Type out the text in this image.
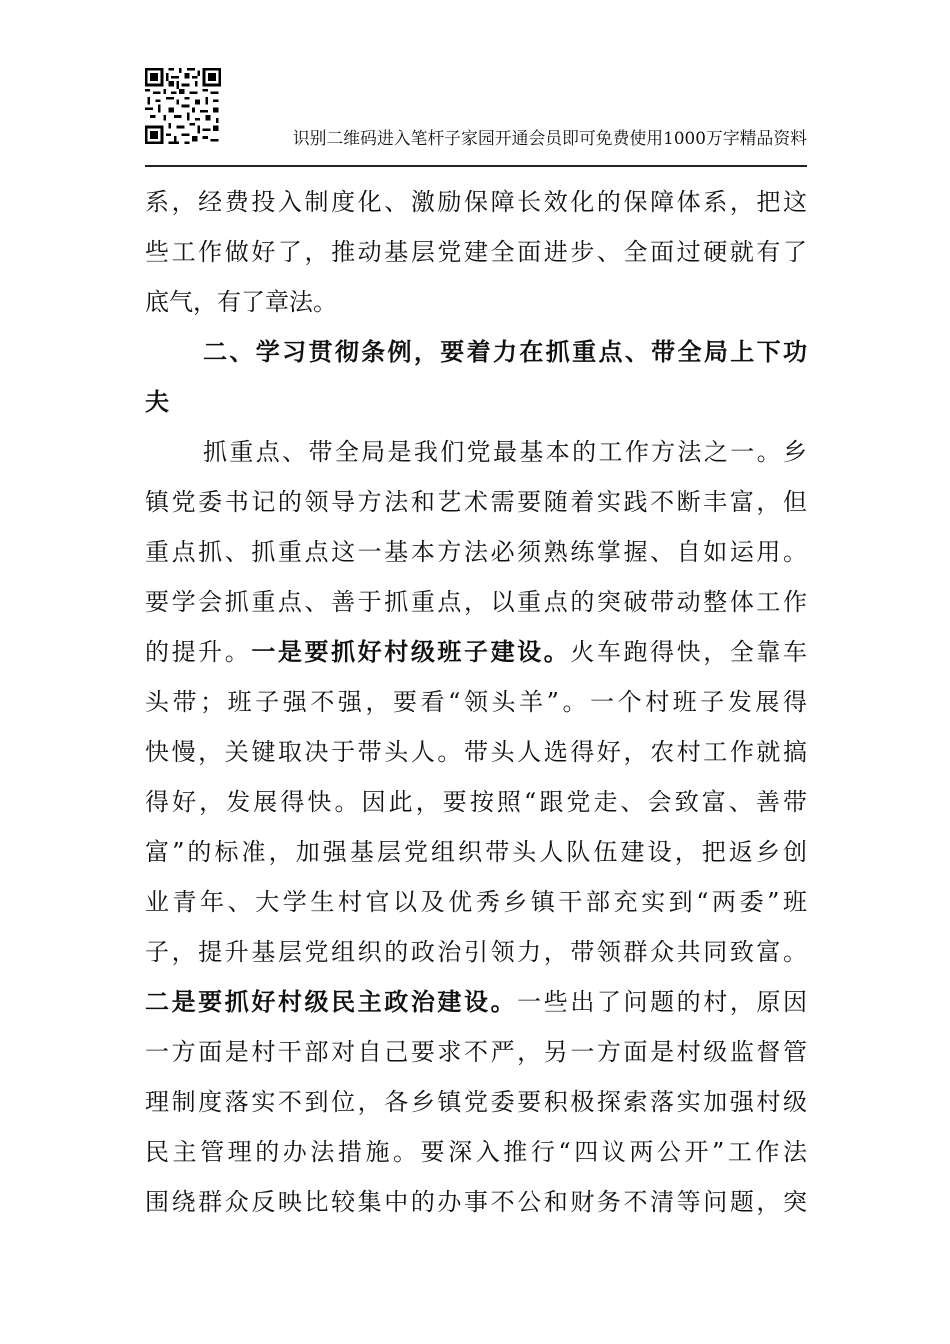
识别二维码进入笔杆子家园开通会员即可免费使用1000万字精品资料
系，经费投入制度化、激励保障长效化的保障体系，把这
些工作做好了，推动基层党建全面进步、全面过硬就有了
底气，有了章法。
二、学习贯彻条例，要着力在抓重点、带全局上下功
夫
抓重点、带全局是我们党最基本的工作方法之一。乡
镇党委书记的领导方法和艺术需要随着实践不断丰富，但
重点抓、抓重点这一基本方法必须熟练掌握、自如运用。
要学会抓重点、善于抓重点，以重点的突破带动整体工作
的提升。一是要抓好村级班子建设。火车跑得快，全靠车
头带；班子强不强，要看“领头羊”。一个村班子发展得
快慢，关键取决于带头人。带头人选得好，农村工作就搞
得好，发展得快。因此，要按照“跟党走、会致富、善带
富”的标准，加强基层党组织带头人队伍建设，把返乡创
业青年、大学生村官以及优秀乡镇干部充实到“两委”班
子，提升基层党组织的政治引领力，带领群众共同致富。
二是要抓好村级民主政治建设。一些出了问题的村，原因
一方面是村干部对自己要求不严，另一方面是村级监督管
理制度落实不到位，各乡镇党委要积极探索落实加强村级
民主管理的办法措施。要深入推行“四议两公开”工作法
围绕群众反映比较集中的办事不公和财务不清等问题，突
